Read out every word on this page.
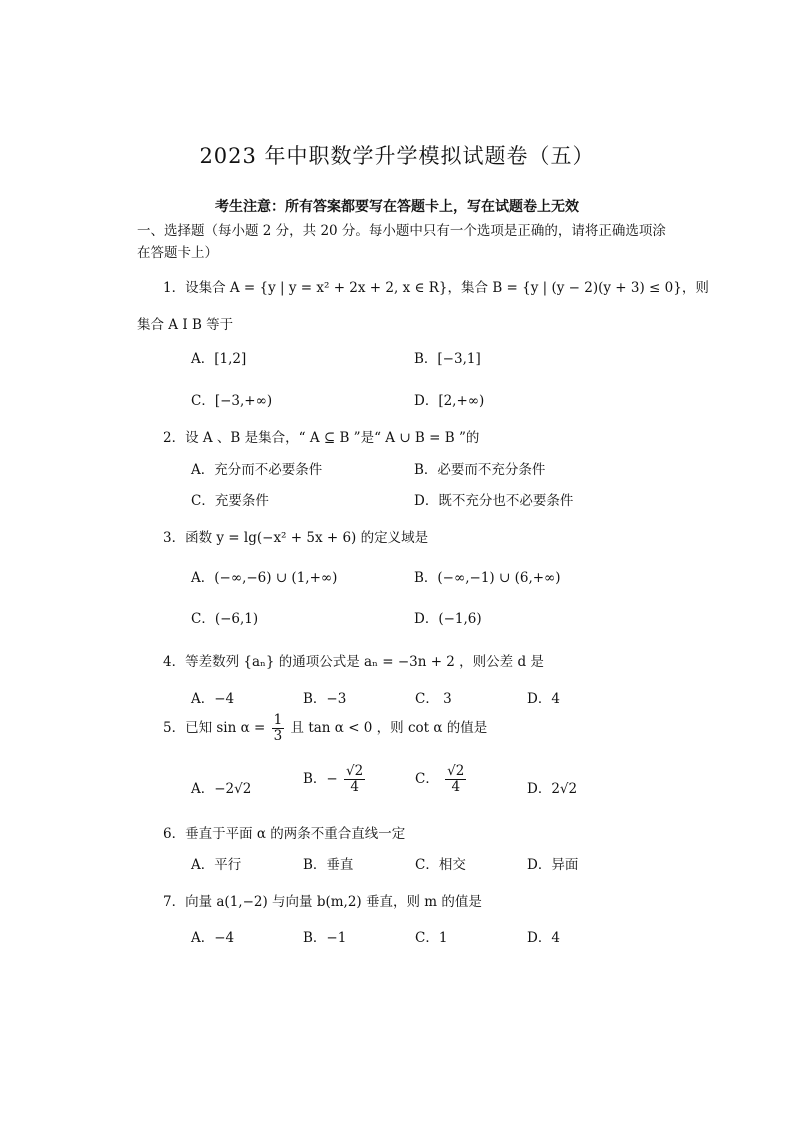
2023 年中职数学升学模拟试题卷（五）
考生注意：所有答案都要写在答题卡上，写在试题卷上无效
一、选择题（每小题 2 分，共 20 分。每小题中只有一个选项是正确的，请将正确选项涂在答题卡上）
1．设集合 A = {y | y = x² + 2x + 2, x ∈ R}，集合 B = {y | (y − 2)(y + 3) ≤ 0}，则
集合 A I B 等于
A．[1,2]	B．[−3,1]
C．[−3,+∞)	D．[2,+∞)
2．设 A 、B 是集合，“ A ⊆ B ”是“ A ∪ B = B ”的
A．充分而不必要条件	B．必要而不充分条件
C．充要条件	D．既不充分也不必要条件
3．函数 y = lg(−x² + 5x + 6) 的定义域是
A．(−∞,−6) ∪ (1,+∞)	B．(−∞,−1) ∪ (6,+∞)
C．(−6,1)	D．(−1,6)
4．等差数列 {aₙ} 的通项公式是 aₙ = −3n + 2 ，则公差 d 是
A．−4	B．−3	C． 3	D．4
5．已知 $\sin \alpha = \frac{1}{3}$ 且 tan α < 0 ，则 cot α 的值是
A．−2√2
B．− $\frac{√2}{4}$	C． $\frac{√2}{4}$	D．2√2
6．垂直于平面 α 的两条不重合直线一定
A．平行	B．垂直	C．相交	D．异面
7．向量 a(1,−2) 与向量 b(m,2) 垂直，则 m 的值是
A．−4	B．−1	C．1	D．4
